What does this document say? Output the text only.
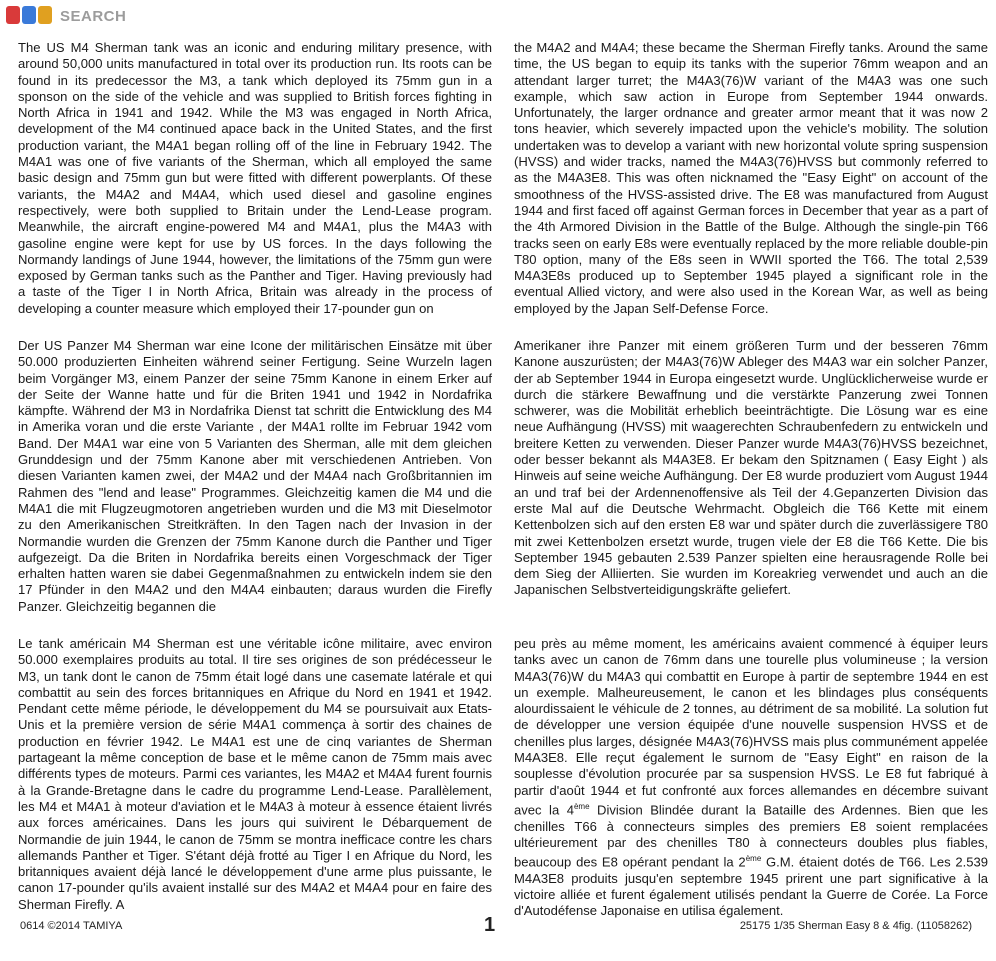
SEARCH

The US M4 Sherman tank was an iconic and enduring military presence, with around 50,000 units manufactured in total over its production run. Its roots can be found in its predecessor the M3, a tank which deployed its 75mm gun in a sponson on the side of the vehicle and was supplied to British forces fighting in North Africa in 1941 and 1942. While the M3 was engaged in North Africa, development of the M4 continued apace back in the United States, and the first production variant, the M4A1 began rolling off of the line in February 1942. The M4A1 was one of five variants of the Sherman, which all employed the same basic design and 75mm gun but were fitted with different powerplants. Of these variants, the M4A2 and M4A4, which used diesel and gasoline engines respectively, were both supplied to Britain under the Lend-Lease program. Meanwhile, the aircraft engine-powered M4 and M4A1, plus the M4A3 with gasoline engine were kept for use by US forces. In the days following the Normandy landings of June 1944, however, the limitations of the 75mm gun were exposed by German tanks such as the Panther and Tiger. Having previously had a taste of the Tiger I in North Africa, Britain was already in the process of developing a counter measure which employed their 17-pounder gun on

the M4A2 and M4A4; these became the Sherman Firefly tanks. Around the same time, the US began to equip its tanks with the superior 76mm weapon and an attendant larger turret; the M4A3(76)W variant of the M4A3 was one such example, which saw action in Europe from September 1944 onwards. Unfortunately, the larger ordnance and greater armor meant that it was now 2 tons heavier, which severely impacted upon the vehicle's mobility. The solution undertaken was to develop a variant with new horizontal volute spring suspension (HVSS) and wider tracks, named the M4A3(76)HVSS but commonly referred to as the M4A3E8. This was often nicknamed the "Easy Eight" on account of the smoothness of the HVSS-assisted drive. The E8 was manufactured from August 1944 and first faced off against German forces in December that year as a part of the 4th Armored Division in the Battle of the Bulge. Although the single-pin T66 tracks seen on early E8s were eventually replaced by the more reliable double-pin T80 option, many of the E8s seen in WWII sported the T66. The total 2,539 M4A3E8s produced up to September 1945 played a significant role in the eventual Allied victory, and were also used in the Korean War, as well as being employed by the Japan Self-Defense Force.

Der US Panzer M4 Sherman war eine Icone der militärischen Einsätze mit über 50.000 produzierten Einheiten während seiner Fertigung. Seine Wurzeln lagen beim Vorgänger M3, einem Panzer der seine 75mm Kanone in einem Erker auf der Seite der Wanne hatte und für die Briten 1941 und 1942 in Nordafrika kämpfte. Während der M3 in Nordafrika Dienst tat schritt die Entwicklung des M4 in Amerika voran und die erste Variante , der M4A1 rollte im Februar 1942 vom Band. Der M4A1 war eine von 5 Varianten des Sherman, alle mit dem gleichen Grunddesign und der 75mm Kanone aber mit verschiedenen Antrieben. Von diesen Varianten kamen zwei, der M4A2 und der M4A4 nach Großbritannien im Rahmen des "lend and lease" Programmes. Gleichzeitig kamen die M4 und die M4A1 die mit Flugzeugmotoren angetrieben wurden und die M3 mit Dieselmotor zu den Amerikanischen Streitkräften. In den Tagen nach der Invasion in der Normandie wurden die Grenzen der 75mm Kanone durch die Panther und Tiger aufgezeigt. Da die Briten in Nordafrika bereits einen Vorgeschmack der Tiger erhalten hatten waren sie dabei Gegenmaßnahmen zu entwickeln indem sie den 17 Pfünder in den M4A2 und den M4A4 einbauten; daraus wurden die Firefly Panzer. Gleichzeitig begannen die

Amerikaner ihre Panzer mit einem größeren Turm und der besseren 76mm Kanone auszurüsten; der M4A3(76)W Ableger des M4A3 war ein solcher Panzer, der ab September 1944 in Europa eingesetzt wurde. Unglücklicherweise wurde er durch die stärkere Bewaffnung und die verstärkte Panzerung zwei Tonnen schwerer, was die Mobilität erheblich beeinträchtigte. Die Lösung war es eine neue Aufhängung (HVSS) mit waagerechten Schraubenfedern zu entwickeln und breitere Ketten zu verwenden. Dieser Panzer wurde M4A3(76)HVSS bezeichnet, oder besser bekannt als M4A3E8. Er bekam den Spitznamen ( Easy Eight ) als Hinweis auf seine weiche Aufhängung. Der E8 wurde produziert vom August 1944 an und traf bei der Ardennenoffensive als Teil der 4.Gepanzerten Division das erste Mal auf die Deutsche Wehrmacht. Obgleich die T66 Kette mit einem Kettenbolzen sich auf den ersten E8 war und später durch die zuverlässigere T80 mit zwei Kettenbolzen ersetzt wurde, trugen viele der E8 die T66 Kette. Die bis September 1945 gebauten 2.539 Panzer spielten eine herausragende Rolle bei dem Sieg der Alliierten. Sie wurden im Koreakrieg verwendet und auch an die Japanischen Selbstverteidigungskräfte geliefert.

Le tank américain M4 Sherman est une véritable icône militaire, avec environ 50.000 exemplaires produits au total. Il tire ses origines de son prédécesseur le M3, un tank dont le canon de 75mm était logé dans une casemate latérale et qui combattit au sein des forces britanniques en Afrique du Nord en 1941 et 1942. Pendant cette même période, le développement du M4 se poursuivait aux Etats-Unis et la première version de série M4A1 commença à sortir des chaines de production en février 1942. Le M4A1 est une de cinq variantes de Sherman partageant la même conception de base et le même canon de 75mm mais avec différents types de moteurs. Parmi ces variantes, les M4A2 et M4A4 furent fournis à la Grande-Bretagne dans le cadre du programme Lend-Lease. Parallèlement, les M4 et M4A1 à moteur d'aviation et le M4A3 à moteur à essence étaient livrés aux forces américaines. Dans les jours qui suivirent le Débarquement de Normandie de juin 1944, le canon de 75mm se montra inefficace contre les chars allemands Panther et Tiger. S'étant déjà frotté au Tiger I en Afrique du Nord, les britanniques avaient déjà lancé le développement d'une arme plus puissante, le canon 17-pounder qu'ils avaient installé sur des M4A2 et M4A4 pour en faire des Sherman Firefly. A

peu près au même moment, les américains avaient commencé à équiper leurs tanks avec un canon de 76mm dans une tourelle plus volumineuse ; la version M4A3(76)W du M4A3 qui combattit en Europe à partir de septembre 1944 en est un exemple. Malheureusement, le canon et les blindages plus conséquents alourdissaient le véhicule de 2 tonnes, au détriment de sa mobilité. La solution fut de développer une version équipée d'une nouvelle suspension HVSS et de chenilles plus larges, désignée M4A3(76)HVSS mais plus communément appelée M4A3E8. Elle reçut également le surnom de "Easy Eight" en raison de la souplesse d'évolution procurée par sa suspension HVSS. Le E8 fut fabriqué à partir d'août 1944 et fut confronté aux forces allemandes en décembre suivant avec la 4ème Division Blindée durant la Bataille des Ardennes. Bien que les chenilles T66 à connecteurs simples des premiers E8 soient remplacées ultérieurement par des chenilles T80 à connecteurs doubles plus fiables, beaucoup des E8 opérant pendant la 2ème G.M. étaient dotés de T66. Les 2.539 M4A3E8 produits jusqu'en septembre 1945 prirent une part significative à la victoire alliée et furent également utilisés pendant la Guerre de Corée. La Force d'Autodéfense Japonaise en utilisa également.

0614 ©2014 TAMIYA	1	25175 1/35 Sherman Easy 8 & 4fig. (11058262)
